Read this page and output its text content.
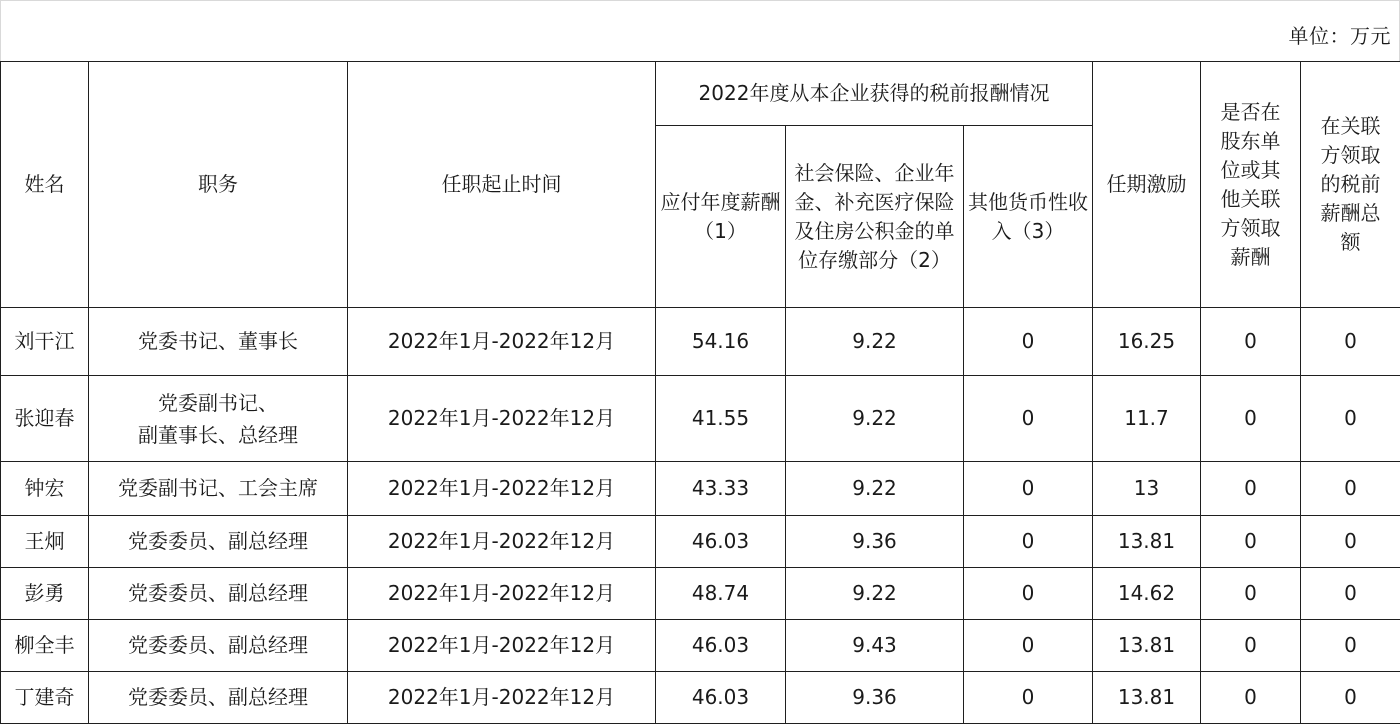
单位：万元
姓名	职务	任职起止时间	2022年度从本企业获得的税前报酬情况			任期激励	是否在股东单位或其他关联方领取薪酬	在关联方领取的税前薪酬总额
			应付年度薪酬（1）	社会保险、企业年金、补充医疗保险及住房公积金的单位存缴部分（2）	其他货币性收入（3）			
刘干江	党委书记、董事长	2022年1月-2022年12月	54.16	9.22	0	16.25	0	0
张迎春	党委副书记、
副董事长、总经理	2022年1月-2022年12月	41.55	9.22	0	11.7	0	0
钟宏	党委副书记、工会主席	2022年1月-2022年12月	43.33	9.22	0	13	0	0
王炯	党委委员、副总经理	2022年1月-2022年12月	46.03	9.36	0	13.81	0	0
彭勇	党委委员、副总经理	2022年1月-2022年12月	48.74	9.22	0	14.62	0	0
柳全丰	党委委员、副总经理	2022年1月-2022年12月	46.03	9.43	0	13.81	0	0
丁建奇	党委委员、副总经理	2022年1月-2022年12月	46.03	9.36	0	13.81	0	0
